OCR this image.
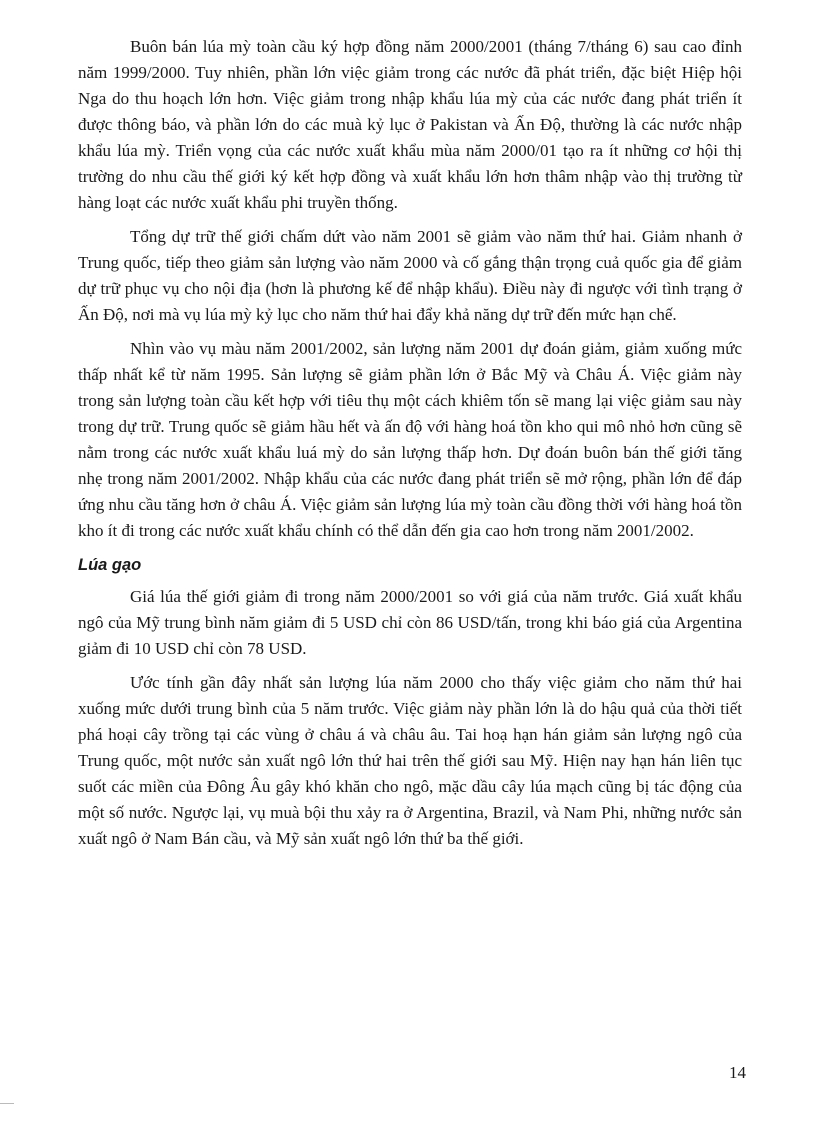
Buôn bán lúa mỳ toàn cầu ký hợp đồng năm 2000/2001 (tháng 7/tháng 6) sau cao đỉnh năm 1999/2000. Tuy nhiên, phần lớn việc giảm trong các nước đã phát triển, đặc biệt Hiệp hội Nga do thu hoạch lớn hơn. Việc giảm trong nhập khẩu lúa mỳ của các nước đang phát triển ít được thông báo, và phần lớn do các muà kỷ lục ở Pakistan và Ấn Độ, thường là các nước nhập khẩu lúa mỳ. Triển vọng của các nước xuất khẩu mùa năm 2000/01 tạo ra ít những cơ hội thị trường do nhu cầu thế giới ký kết hợp đồng và xuất khẩu lớn hơn thâm nhập vào thị trường từ hàng loạt các nước xuất khẩu phi truyền thống.

Tổng dự trữ thế giới chấm dứt vào năm 2001 sẽ giảm vào năm thứ hai. Giảm nhanh ở Trung quốc, tiếp theo giảm sản lượng vào năm 2000 và cố gắng thận trọng cuả quốc gia để giảm dự trữ phục vụ cho nội địa (hơn là phương kế để nhập khẩu). Điều này đi ngược với tình trạng ở Ấn Độ, nơi mà vụ lúa mỳ kỷ lục cho năm thứ hai đẩy khả năng dự trữ đến mức hạn chế.

Nhìn vào vụ màu năm 2001/2002, sản lượng năm 2001 dự đoán giảm, giảm xuống mức thấp nhất kể từ năm 1995. Sản lượng sẽ giảm phần lớn ở Bắc Mỹ và Châu Á. Việc giảm này trong sản lượng toàn cầu kết hợp với tiêu thụ một cách khiêm tốn sẽ mang lại việc giảm sau này trong dự trữ. Trung quốc sẽ giảm hầu hết và ấn độ với hàng hoá tồn kho qui mô nhỏ hơn cũng sẽ nằm trong các nước xuất khẩu luá mỳ do sản lượng thấp hơn. Dự đoán buôn bán thế giới tăng nhẹ trong năm 2001/2002. Nhập khẩu của các nước đang phát triển sẽ mở rộng, phần lớn để đáp ứng nhu cầu tăng hơn ở châu Á. Việc giảm sản lượng lúa mỳ toàn cầu đồng thời với hàng hoá tồn kho ít đi trong các nước xuất khẩu chính có thể dẫn đến gia cao hơn trong năm 2001/2002.

Lúa gạo

Giá lúa thế giới giảm đi trong năm 2000/2001 so với giá của năm trước. Giá xuất khẩu ngô của Mỹ trung bình năm giảm đi 5 USD chỉ còn 86 USD/tấn, trong khi báo giá của Argentina giảm đi 10 USD chỉ còn 78 USD.

Ước tính gần đây nhất sản lượng lúa năm 2000 cho thấy việc giảm cho năm thứ hai xuống mức dưới trung bình của 5 năm trước. Việc giảm này phần lớn là do hậu quả của thời tiết phá hoại cây trồng tại các vùng ở châu á và châu âu. Tai hoạ hạn hán giảm sản lượng ngô của Trung quốc, một nước sản xuất ngô lớn thứ hai trên thế giới sau Mỹ. Hiện nay hạn hán liên tục suốt các miền của Đông Âu gây khó khăn cho ngô, mặc dầu cây lúa mạch cũng bị tác động của một số nước. Ngược lại, vụ muà bội thu xảy ra ở Argentina, Brazil, và Nam Phi, những nước sản xuất ngô ở Nam Bán cầu, và Mỹ sản xuất ngô lớn thứ ba thế giới.

14
